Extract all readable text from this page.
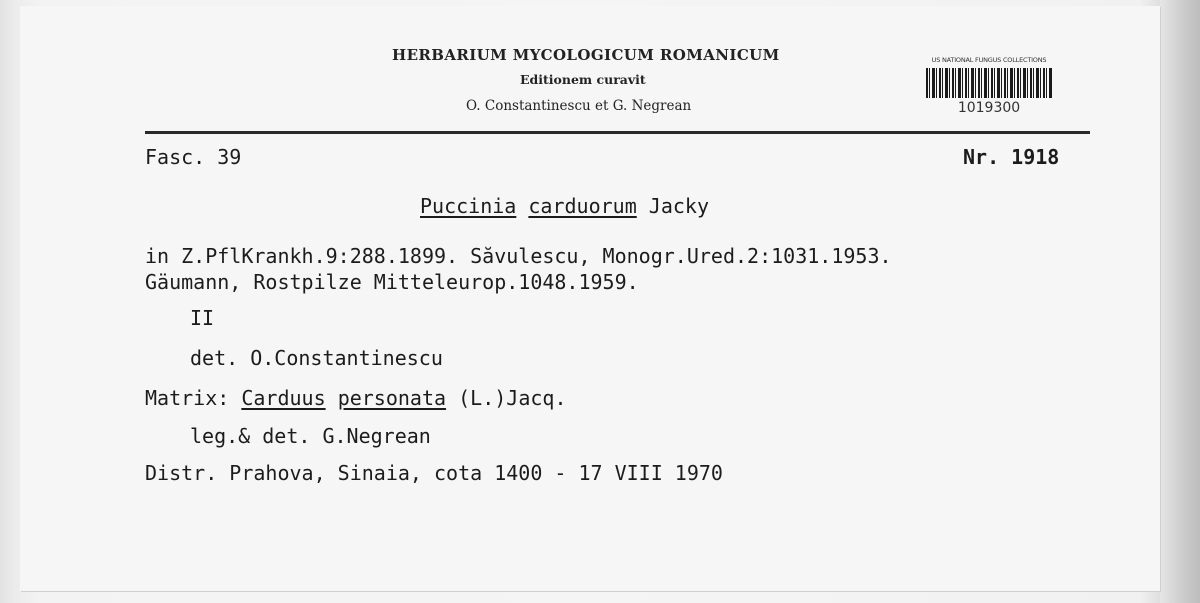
HERBARIUM MYCOLOGICUM ROMANICUM
Editionem curavit
O. Constantinescu et G. Negrean
US NATIONAL FUNGUS COLLECTIONS
1019300
Fasc. 39	Nr. 1918
Puccinia carduorum Jacky
in Z.PflKrankh.9:288.1899. Săvulescu, Monogr.Ured.2:1031.1953.
Gäumann, Rostpilze Mitteleurop.1048.1959.
II
det. O.Constantinescu
Matrix: Carduus personata (L.)Jacq.
leg.& det. G.Negrean
Distr. Prahova, Sinaia, cota 1400 - 17 VIII 1970
